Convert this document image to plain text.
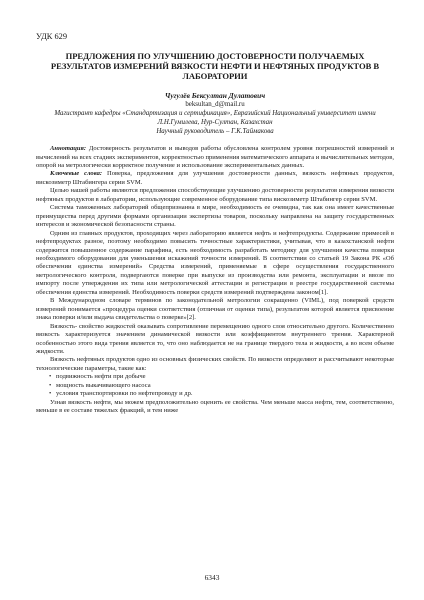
УДК 629
ПРЕДЛОЖЕНИЯ ПО УЛУЧШЕНИЮ ДОСТОВЕРНОСТИ ПОЛУЧАЕМЫХ РЕЗУЛЬТАТОВ ИЗМЕРЕНИЙ ВЯЗКОСТИ НЕФТИ И НЕФТЯНЫХ ПРОДУКТОВ В ЛАБОРАТОРИИ
Чугулёв Бексултан Дулатович
beksultan_d@mail.ru
Магистрант кафедры «Стандартизация и сертификация», Евразийский Национальный университет имени Л.Н.Гумилева, Нур-Султан, Казахстан
Научный руководитель – Г.К.Таймакова

Аннотация: Достоверность результатов и выводов работы обусловлена контролем уровня погрешностей измерений и вычислений на всех стадиях экспериментов, корректностью применения математического аппарата и вычислительных методов, опорой на метрологически корректное получение и использование экспериментальных данных.

Ключевые слова: Поверка, предложения для улучшения достоверности данных, вязкость нефтяных продуктов, вискозиметр Штабингера серии SVM.

Целью нашей работы являются предложения способствующие улучшению достоверности результатов измерения вязкости нефтяных продуктов в лаборатории, использующие современное оборудование типа вискозиметр Штабингер серии SVM.

Система таможенных лабораторий общепризнанна в мире, необходимость ее очевидна, так как она имеет качественные преимущества перед другими формами организации экспертизы товаров, поскольку направлена на защиту государственных интересов и экономической безопасности страны.

Одним из главных продуктов, проходящих через лабораторию является нефть и нефтепродукты. Содержание примесей в нефтепродуктах разное, поэтому необходимо повысить точностные характеристики, учитывая, что в казахстанской нефти содержится повышенное содержание парафина, есть необходимость разработать методику для улучшения качества поверки необходимого оборудования для уменьшения искажений точности измерений. В соответствии со статьей 19 Закона РК «Об обеспечении единства измерений» Средства измерений, применяемые в сфере осуществления государственного метрологического контроля, подвергаются поверке при выпуске из производства или ремонта, эксплуатации и ввозе по импорту после утверждения их типа или метрологической аттестации и регистрации в реестре государственной системы обеспечения единства измерений. Необходимость поверки средств измерений подтверждена законом[1].

В Международном словаре терминов по законодательной метрологии сокращенно (VIML), под поверкой средств измерений понимается «процедура оценки соответствия (отличная от оценки типа), результатом которой является присвоение знака поверки и/или выдача свидетельства о поверке»[2].

Вязкость- свойство жидкостей оказывать сопротивление перемещению одного слоя относительно другого. Количественно вязкость характеризуется значением динамической вязкости или коэффициентом внутреннего трения. Характерной особенностью этого вида трения является то, что оно наблюдается не на границе твердого тела и жидкости, а во всем объеме жидкости.

Вязкость нефтяных продуктов одно из основных физических свойств. По вязкости определяют и рассчитывают некоторые технологические параметры, такие как:

• подвижность нефти при добыче
• мощность выкачивающего насоса
• условия транспортировки по нефтепроводу и др.

Узнав вязкость нефти, мы можем предположительно оценить ее свойства. Чем меньше масса нефти, тем, соответственно, меньше в ее составе тяжелых фракций, и тем ниже

6343
